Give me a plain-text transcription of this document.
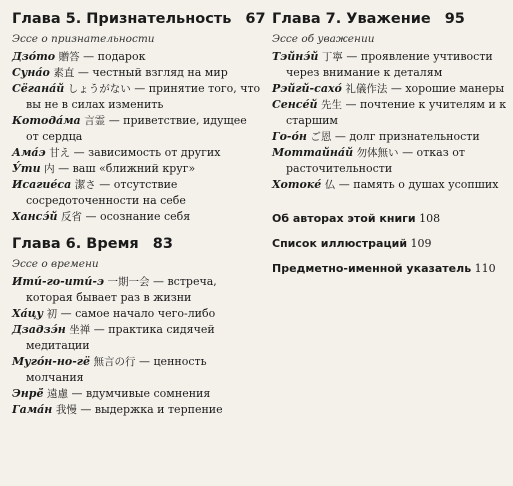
Глава 5. Признательность 67
Эссе о признательности

Дзо́то 贈答 — подарок

Суна́о 素直 — честный взгляд на мир

Сёгана́й しょうがない — принятие того, что вы не в силах изменить

Котода́ма 言霊 — приветствие, идущее от сердца

Ама́э 甘え — зависимость от других

У́ти 内 — ваш «ближний круг»

Исагие́са 潔さ — отсутствие сосредоточенности на себе

Хансэ́й 反省 — осознание себя

Глава 6. Время 83
Эссе о времени

Ити́-го-ити́-э 一期一会 — встреча, которая бывает раз в жизни

Ха́цу 初 — самое начало чего-либо

Дзадзэ́н 坐禅 — практика сидячей медитации

Муго́н-но-гё 無言の行 — ценность молчания

Энрё́ 遠慮 — вдумчивые сомнения

Гама́н 我慢 — выдержка и терпение

Глава 7. Уважение 95
Эссе об уважении

Тэйнэ́й 丁寧 — проявление учтивости через внимание к деталям

Рэйгй-сахо́ 礼儀作法 — хорошие манеры

Сенсе́й 先生 — почтение к учителям и к старшим

Го-о́н ご恩 — долг признательности

Моттайна́й 勿体無い — отказ от расточительности

Хотоке́ 仏 — память о душах усопших

Об авторах этой книги 108

Список иллюстраций 109

Предметно-именной указатель 110
